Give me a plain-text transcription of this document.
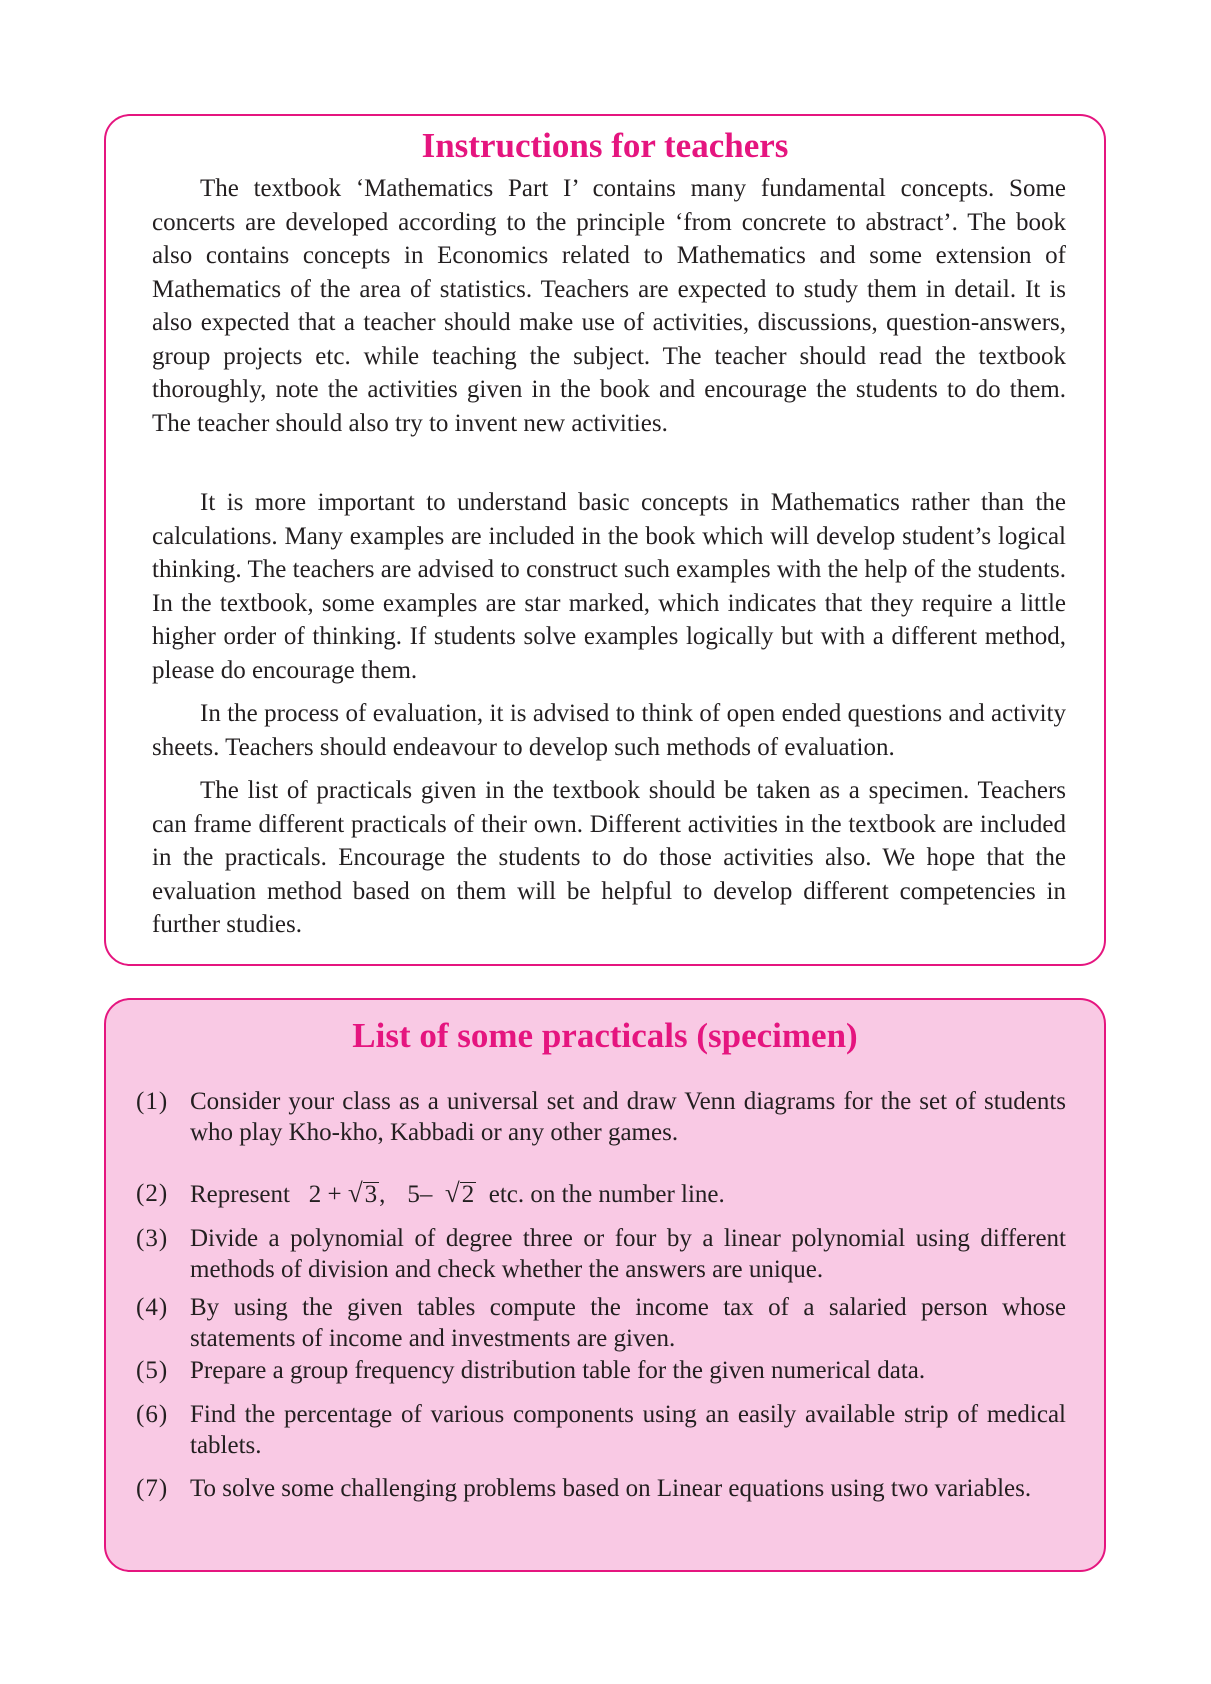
Instructions for teachers

The textbook ‘Mathematics Part I’ contains many fundamental concepts. Some concerts are developed according to the principle ‘from concrete to abstract’. The book also contains concepts in Economics related to Mathematics and some extension of Mathematics of the area of statistics. Teachers are expected to study them in detail. It is also expected that a teacher should make use of activities, discussions, question-answers, group projects etc. while teaching the subject. The teacher should read the textbook thoroughly, note the activities given in the book and encourage the students to do them. The teacher should also try to invent new activities.

It is more important to understand basic concepts in Mathematics rather than the calculations. Many examples are included in the book which will develop student’s logical thinking. The teachers are advised to construct such examples with the help of the students. In the textbook, some examples are star marked, which indicates that they require a little higher order of thinking. If students solve examples logically but with a different method, please do encourage them.

In the process of evaluation, it is advised to think of open ended questions and activity sheets. Teachers should endeavour to develop such methods of evaluation.

The list of practicals given in the textbook should be taken as a specimen. Teachers can frame different practicals of their own. Different activities in the textbook are included in the practicals. Encourage the students to do those activities also. We hope that the evaluation method based on them will be helpful to develop different competencies in further studies.

List of some practicals (specimen)
(1) Consider your class as a universal set and draw Venn diagrams for the set of students who play Kho-kho, Kabbadi or any other games.
(2) Represent 2 + √3, 5– √2 etc. on the number line.
(3) Divide a polynomial of degree three or four by a linear polynomial using different methods of division and check whether the answers are unique.
(4) By using the given tables compute the income tax of a salaried person whose statements of income and investments are given.
(5) Prepare a group frequency distribution table for the given numerical data.
(6) Find the percentage of various components using an easily available strip of medical tablets.
(7) To solve some challenging problems based on Linear equations using two variables.
